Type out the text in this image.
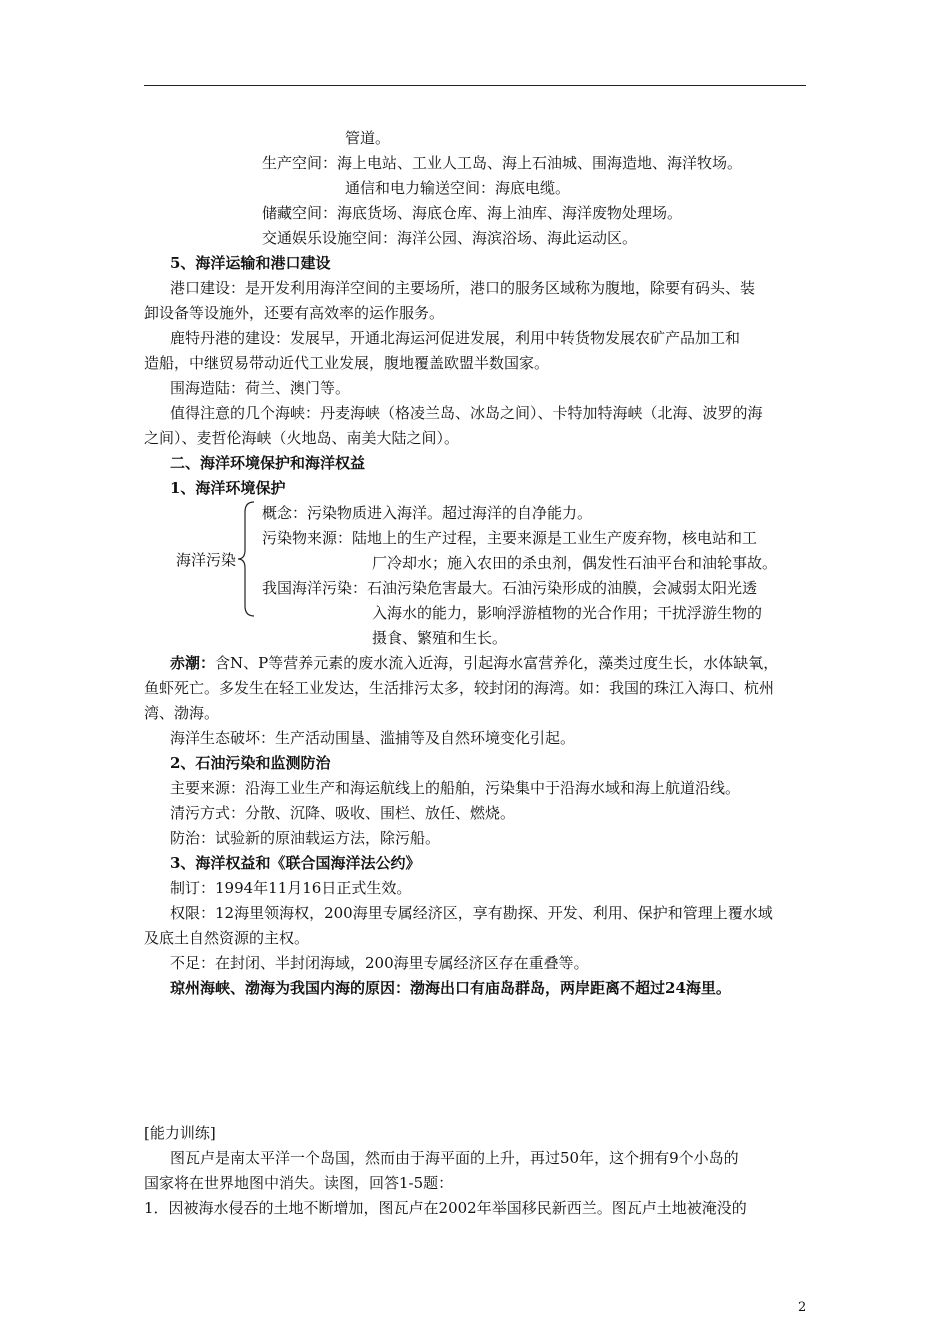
管道。
生产空间：海上电站、工业人工岛、海上石油城、围海造地、海洋牧场。
通信和电力输送空间：海底电缆。
储藏空间：海底货场、海底仓库、海上油库、海洋废物处理场。
交通娱乐设施空间：海洋公园、海滨浴场、海此运动区。
5、海洋运输和港口建设
港口建设：是开发利用海洋空间的主要场所，港口的服务区域称为腹地，除要有码头、装
卸设备等设施外，还要有高效率的运作服务。
鹿特丹港的建设：发展早，开通北海运河促进发展，利用中转货物发展农矿产品加工和
造船，中继贸易带动近代工业发展，腹地覆盖欧盟半数国家。
围海造陆：荷兰、澳门等。
值得注意的几个海峡：丹麦海峡（格凌兰岛、冰岛之间）、卡特加特海峡（北海、波罗的海
之间）、麦哲伦海峡（火地岛、南美大陆之间）。
二、海洋环境保护和海洋权益
1、海洋环境保护
海洋污染
概念：污染物质进入海洋。超过海洋的自净能力。
污染物来源：陆地上的生产过程，主要来源是工业生产废弃物，核电站和工
厂冷却水；施入农田的杀虫剂，偶发性石油平台和油轮事故。
我国海洋污染：石油污染危害最大。石油污染形成的油膜，会减弱太阳光透
入海水的能力，影响浮游植物的光合作用；干扰浮游生物的
摄食、繁殖和生长。
赤潮：含N、P等营养元素的废水流入近海，引起海水富营养化，藻类过度生长，水体缺氧，
鱼虾死亡。多发生在轻工业发达，生活排污太多，较封闭的海湾。如：我国的珠江入海口、杭州
湾、渤海。
海洋生态破坏：生产活动围垦、滥捕等及自然环境变化引起。
2、石油污染和监测防治
主要来源：沿海工业生产和海运航线上的船舶，污染集中于沿海水域和海上航道沿线。
清污方式：分散、沉降、吸收、围栏、放任、燃烧。
防治：试验新的原油载运方法，除污船。
3、海洋权益和《联合国海洋法公约》
制订：1994年11月16日正式生效。
权限：12海里领海权，200海里专属经济区，享有勘探、开发、利用、保护和管理上覆水域
及底土自然资源的主权。
不足：在封闭、半封闭海域，200海里专属经济区存在重叠等。
琼州海峡、渤海为我国内海的原因：渤海出口有庙岛群岛，两岸距离不超过24海里。
[能力训练]
图瓦卢是南太平洋一个岛国，然而由于海平面的上升，再过50年，这个拥有9个小岛的
国家将在世界地图中消失。读图，回答1-5题：
1．因被海水侵吞的土地不断增加，图瓦卢在2002年举国移民新西兰。图瓦卢土地被淹没的
2
